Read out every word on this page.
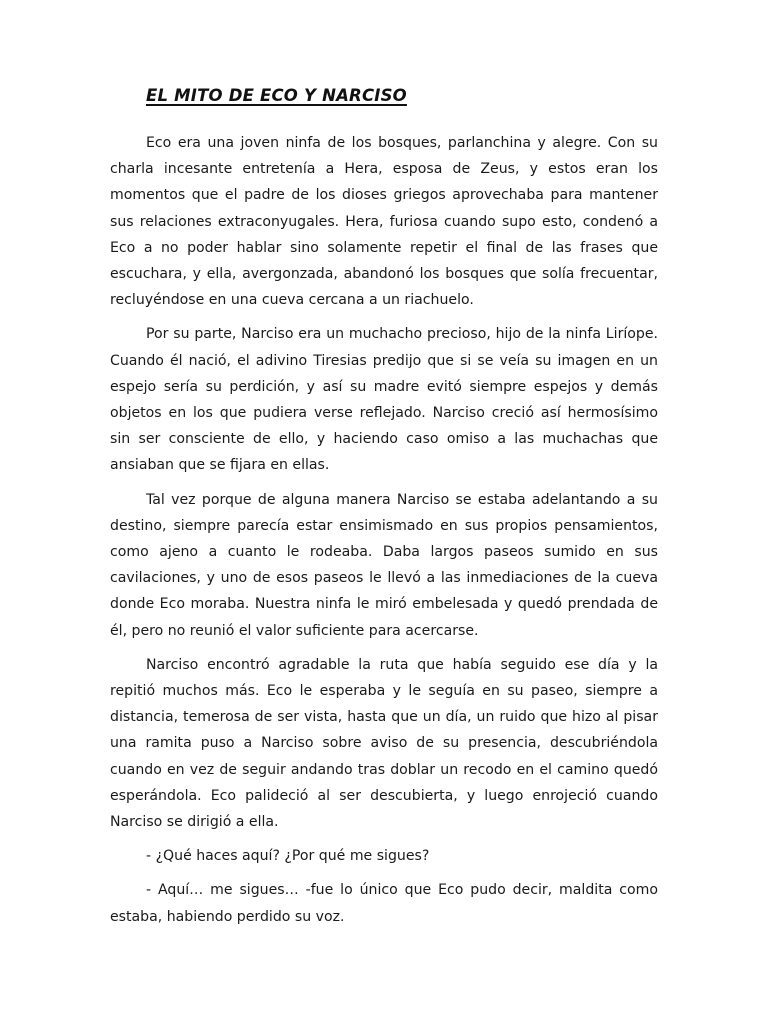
EL MITO DE ECO Y NARCISO

Eco era una joven ninfa de los bosques, parlanchina y alegre. Con su charla incesante entretenía a Hera, esposa de Zeus, y estos eran los momentos que el padre de los dioses griegos aprovechaba para mantener sus relaciones extraconyugales. Hera, furiosa cuando supo esto, condenó a Eco a no poder hablar sino solamente repetir el final de las frases que escuchara, y ella, avergonzada, abandonó los bosques que solía frecuentar, recluyéndose en una cueva cercana a un riachuelo.

Por su parte, Narciso era un muchacho precioso, hijo de la ninfa Liríope. Cuando él nació, el adivino Tiresias predijo que si se veía su imagen en un espejo sería su perdición, y así su madre evitó siempre espejos y demás objetos en los que pudiera verse reflejado. Narciso creció así hermosísimo sin ser consciente de ello, y haciendo caso omiso a las muchachas que ansiaban que se fijara en ellas.

Tal vez porque de alguna manera Narciso se estaba adelantando a su destino, siempre parecía estar ensimismado en sus propios pensamientos, como ajeno a cuanto le rodeaba. Daba largos paseos sumido en sus cavilaciones, y uno de esos paseos le llevó a las inmediaciones de la cueva donde Eco moraba. Nuestra ninfa le miró embelesada y quedó prendada de él, pero no reunió el valor suficiente para acercarse.

Narciso encontró agradable la ruta que había seguido ese día y la repitió muchos más. Eco le esperaba y le seguía en su paseo, siempre a distancia, temerosa de ser vista, hasta que un día, un ruido que hizo al pisar una ramita puso a Narciso sobre aviso de su presencia, descubriéndola cuando en vez de seguir andando tras doblar un recodo en el camino quedó esperándola. Eco palideció al ser descubierta, y luego enrojeció cuando Narciso se dirigió a ella.

- ¿Qué haces aquí? ¿Por qué me sigues?

- Aquí… me sigues… -fue lo único que Eco pudo decir, maldita como estaba, habiendo perdido su voz.
